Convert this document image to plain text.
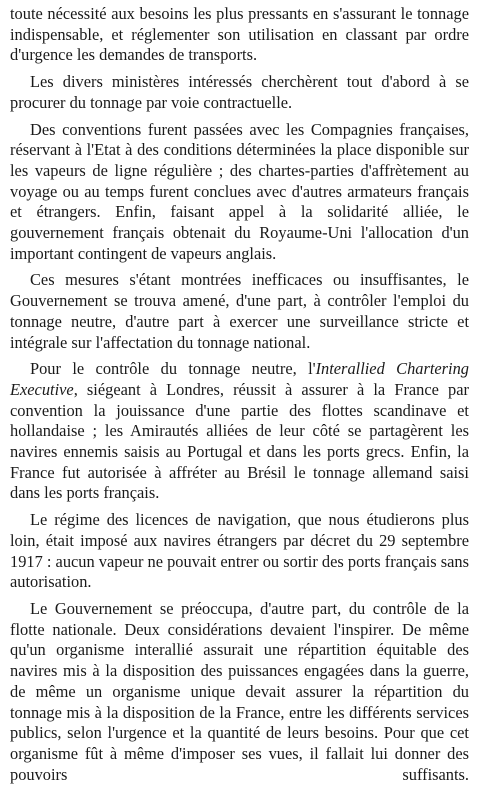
toute nécessité aux besoins les plus pressants en s'assurant le tonnage indispensable, et réglementer son utilisation en classant par ordre d'urgence les demandes de transports.

Les divers ministères intéressés cherchèrent tout d'abord à se procurer du tonnage par voie contractuelle.

Des conventions furent passées avec les Compagnies françaises, réservant à l'Etat à des conditions déterminées la place disponible sur les vapeurs de ligne régulière ; des chartes-parties d'affrètement au voyage ou au temps furent conclues avec d'autres armateurs français et étrangers. Enfin, faisant appel à la solidarité alliée, le gouvernement français obtenait du Royaume-Uni l'allocation d'un important contingent de vapeurs anglais.

Ces mesures s'étant montrées inefficaces ou insuffisantes, le Gouvernement se trouva amené, d'une part, à contrôler l'emploi du tonnage neutre, d'autre part à exercer une surveillance stricte et intégrale sur l'affectation du tonnage national.

Pour le contrôle du tonnage neutre, l'Interallied Chartering Executive, siégeant à Londres, réussit à assurer à la France par convention la jouissance d'une partie des flottes scandinave et hollandaise ; les Amirautés alliées de leur côté se partagèrent les navires ennemis saisis au Portugal et dans les ports grecs. Enfin, la France fut autorisée à affréter au Brésil le tonnage allemand saisi dans les ports français.

Le régime des licences de navigation, que nous étudierons plus loin, était imposé aux navires étrangers par décret du 29 septembre 1917 : aucun vapeur ne pouvait entrer ou sortir des ports français sans autorisation.

Le Gouvernement se préoccupa, d'autre part, du contrôle de la flotte nationale. Deux considérations devaient l'inspirer. De même qu'un organisme interallié assurait une répartition équitable des navires mis à la disposition des puissances engagées dans la guerre, de même un organisme unique devait assurer la répartition du tonnage mis à la disposition de la France, entre les différents services publics, selon l'urgence et la quantité de leurs besoins. Pour que cet organisme fût à même d'imposer ses vues, il fallait lui donner des pouvoirs suffisants.
